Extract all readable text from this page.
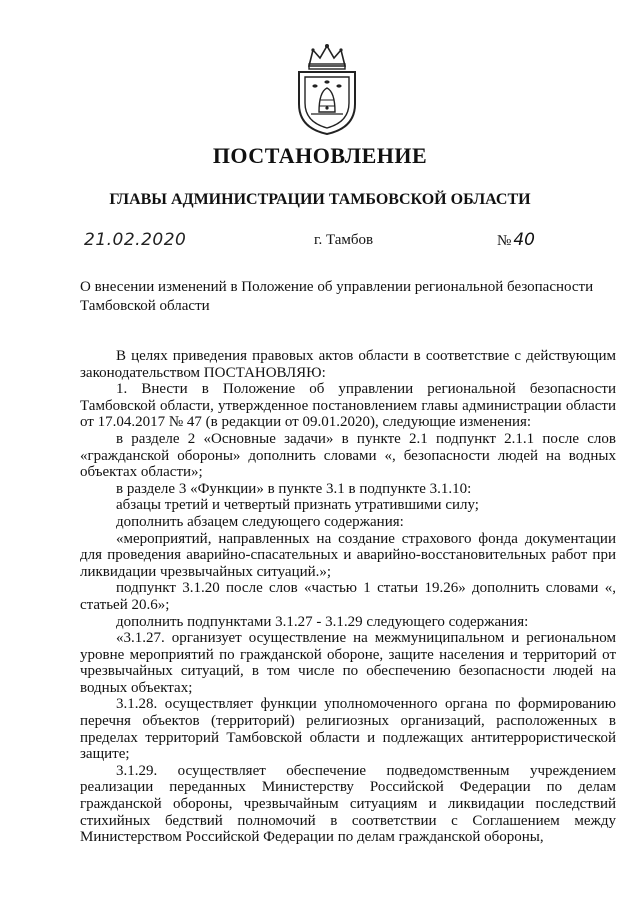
ПОСТАНОВЛЕНИЕ
ГЛАВЫ АДМИНИСТРАЦИИ ТАМБОВСКОЙ ОБЛАСТИ
21.02.2020	г. Тамбов	№ 40
О внесении изменений в Положение об управлении региональной безопасности Тамбовской области

В целях приведения правовых актов области в соответствие с действующим законодательством ПОСТАНОВЛЯЮ:

1. Внести в Положение об управлении региональной безопасности Тамбовской области, утвержденное постановлением главы администрации области от 17.04.2017 № 47 (в редакции от 09.01.2020), следующие изменения:

в разделе 2 «Основные задачи» в пункте 2.1 подпункт 2.1.1 после слов «гражданской обороны» дополнить словами «, безопасности людей на водных объектах области»;

в разделе 3 «Функции» в пункте 3.1 в подпункте 3.1.10:

абзацы третий и четвертый признать утратившими силу;

дополнить абзацем следующего содержания:

«мероприятий, направленных на создание страхового фонда документации для проведения аварийно-спасательных и аварийно-восстановительных работ при ликвидации чрезвычайных ситуаций.»;

подпункт 3.1.20 после слов «частью 1 статьи 19.26» дополнить словами «, статьей 20.6»;

дополнить подпунктами 3.1.27 - 3.1.29 следующего содержания:

«3.1.27. организует осуществление на межмуниципальном и региональном уровне мероприятий по гражданской обороне, защите населения и территорий от чрезвычайных ситуаций, в том числе по обеспечению безопасности людей на водных объектах;

3.1.28. осуществляет функции уполномоченного органа по формированию перечня объектов (территорий) религиозных организаций, расположенных в пределах территорий Тамбовской области и подлежащих антитеррористической защите;

3.1.29. осуществляет обеспечение подведомственным учреждением реализации переданных Министерству Российской Федерации по делам гражданской обороны, чрезвычайным ситуациям и ликвидации последствий стихийных бедствий полномочий в соответствии с Соглашением между Министерством Российской Федерации по делам гражданской обороны,
